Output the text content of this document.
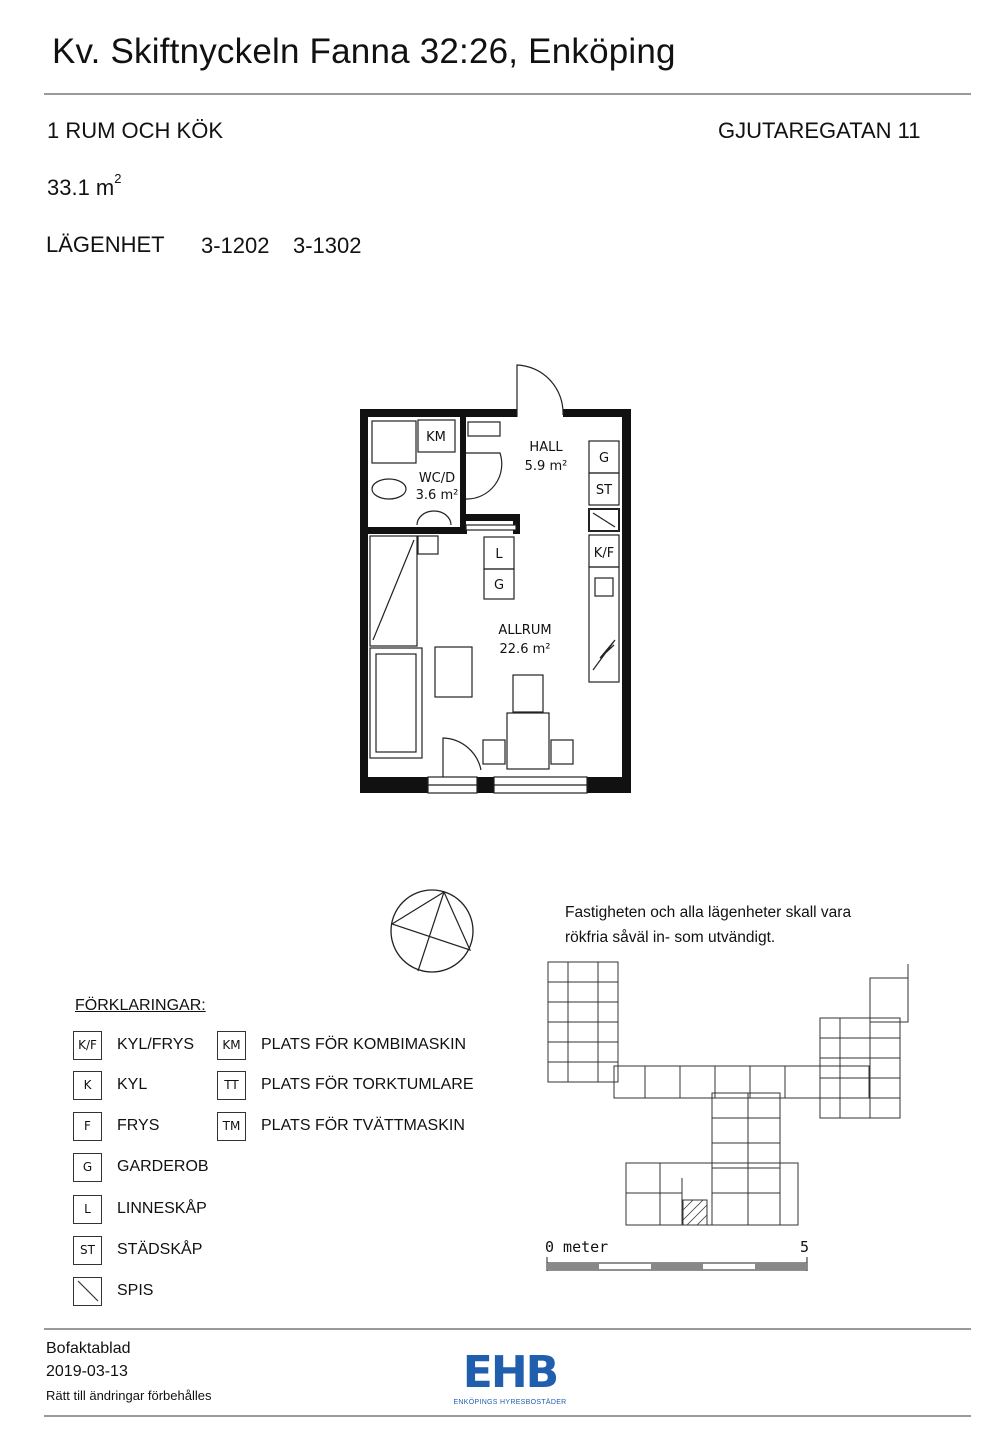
Kv. Skiftnyckeln Fanna 32:26, Enköping
1 RUM OCH KÖK	GJUTAREGATAN 11
33.1 $m^2$
LÄGENHET 3-1202 3-1302
KM
HALL
5.9 m²
WC/D
3.6 m²
G
ST
K/F
L
G
ALLRUM
22.6 m²
FÖRKLARINGAR:
K/F	KYL/FRYS
K	KYL
F	FRYS
G	GARDEROB
L	LINNESKÅP
ST	STÄDSKÅP
SPIS
KM	PLATS FÖR KOMBIMASKIN
TT	PLATS FÖR TORKTUMLARE
TM	PLATS FÖR TVÄTTMASKIN
Fastigheten och alla lägenheter skall vara rökfria såväl in- som utvändigt.
0 meter	5
Bofaktablad
2019-03-13
Rätt till ändringar förbehålles	EHB
ENKÖPINGS HYRESBOSTÄDER
